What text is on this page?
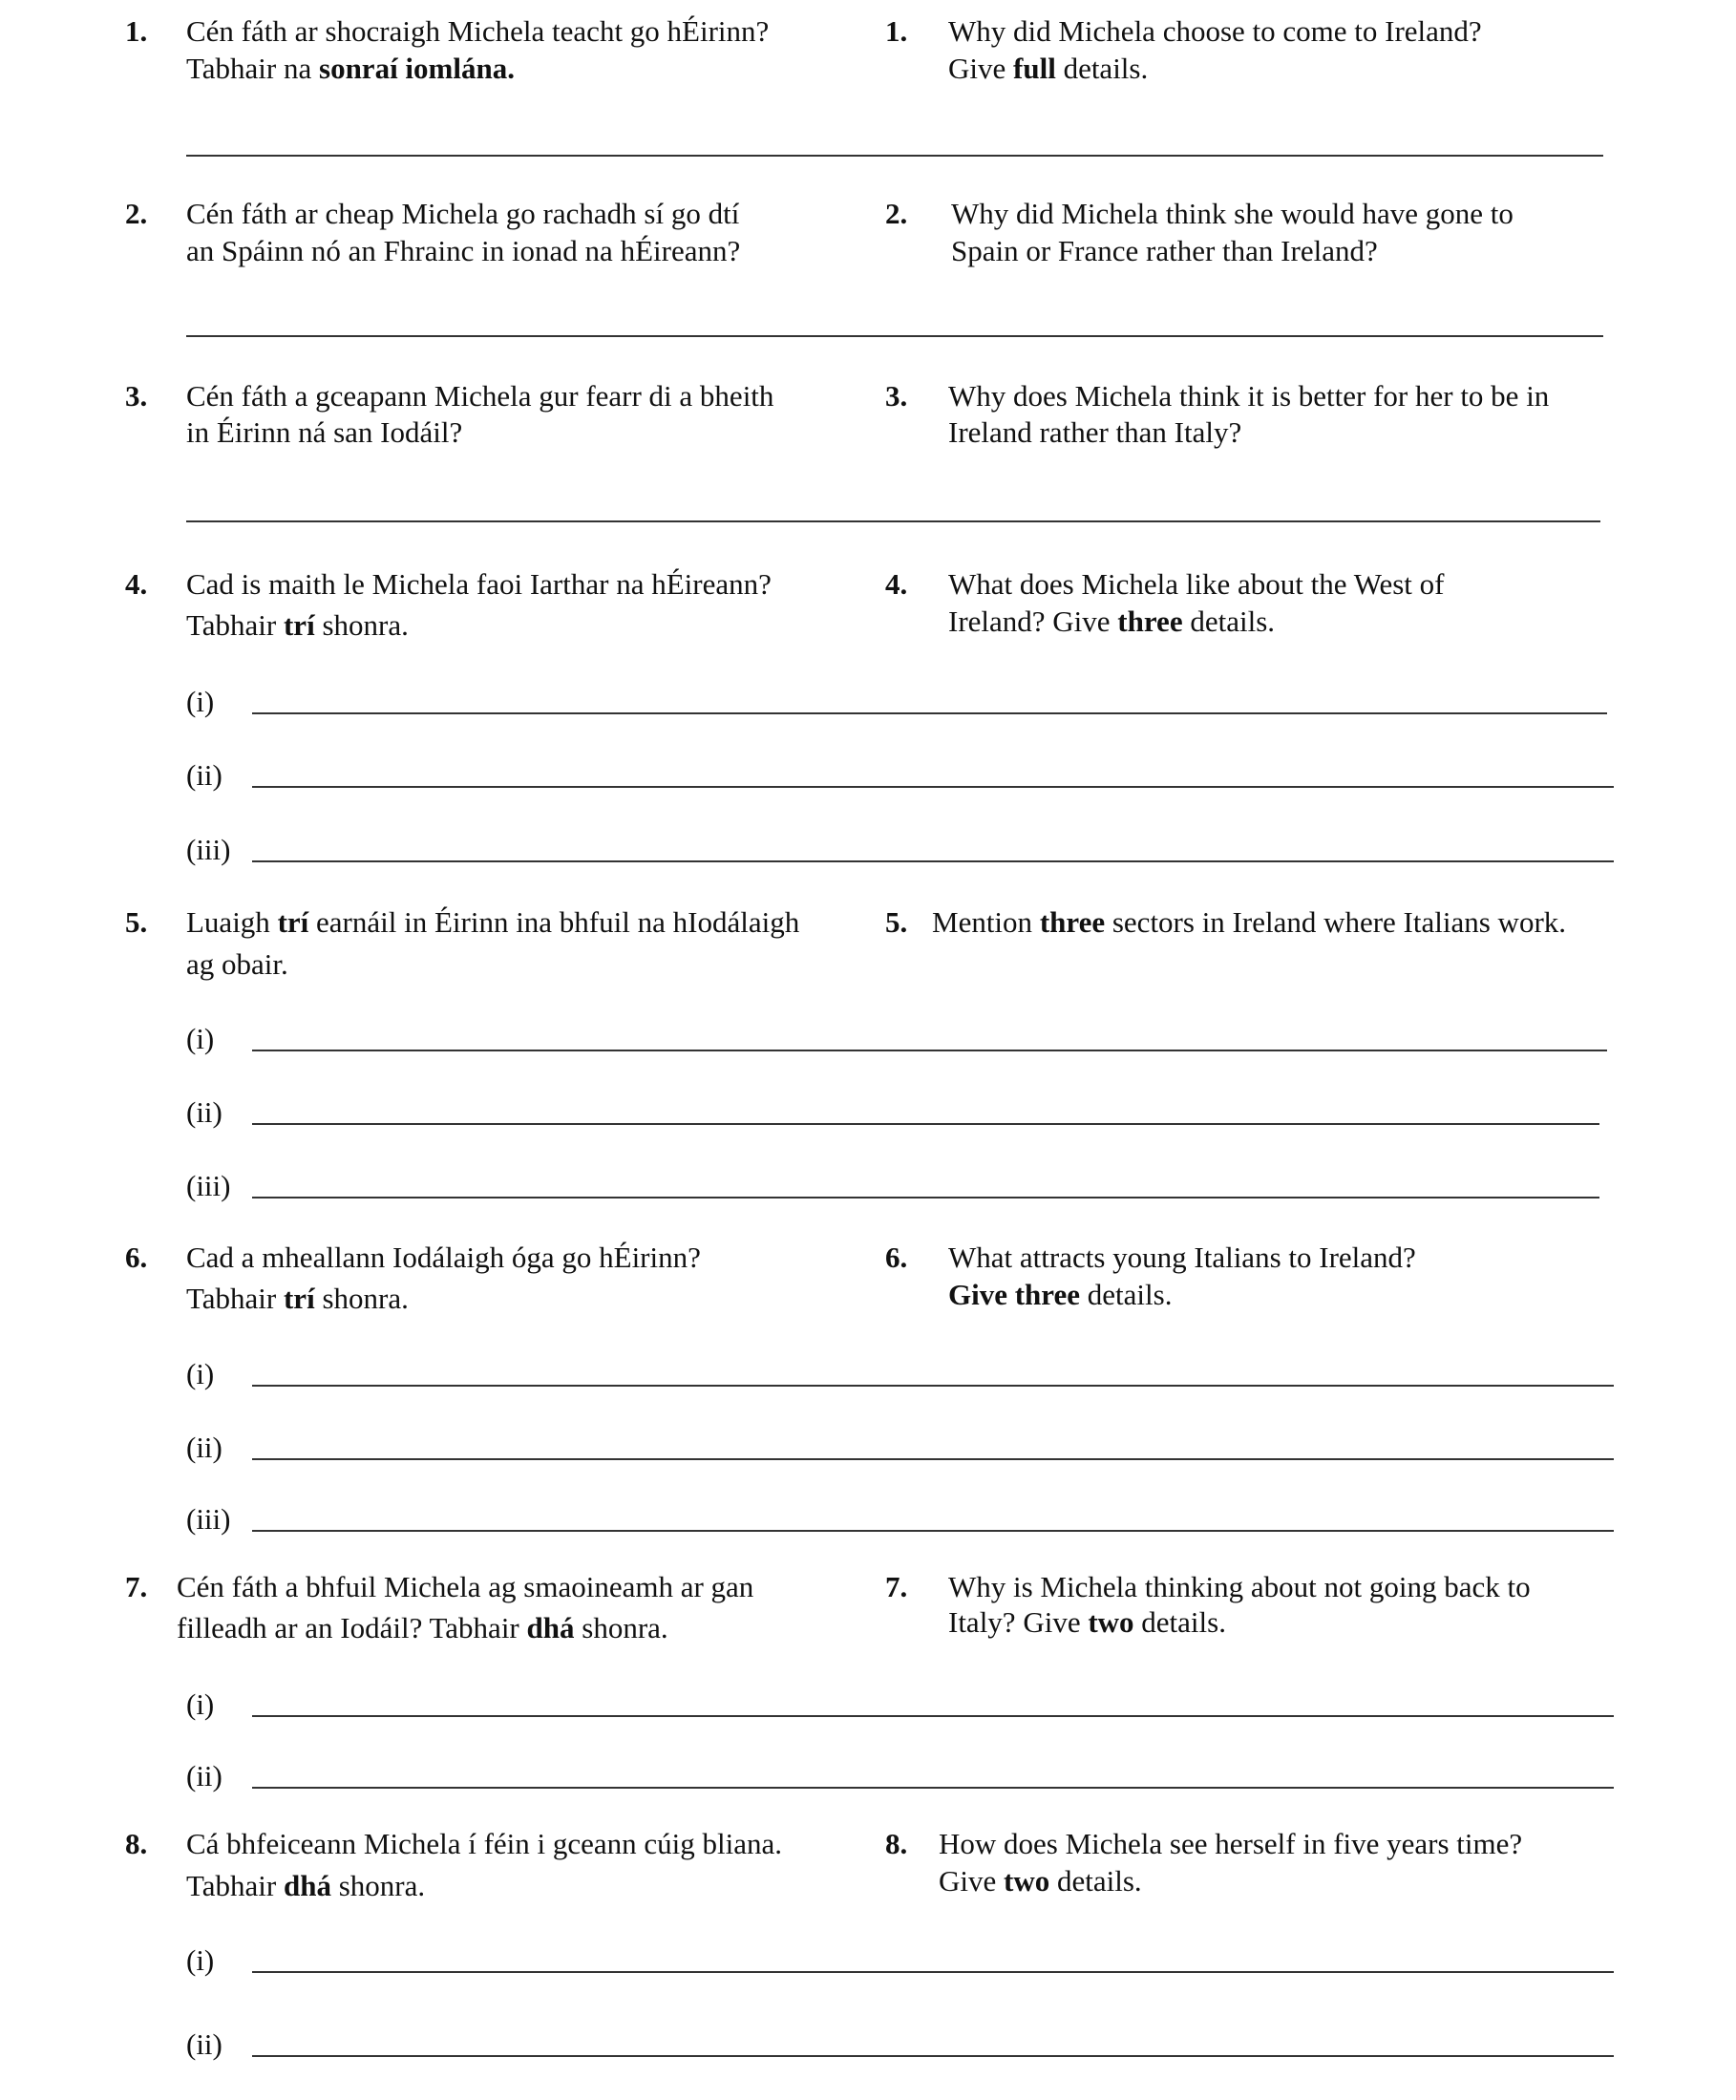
1. Cén fáth ar shocraigh Michela teacht go hÉirinn?
Tabhair na sonraí iomlána.
1. Why did Michela choose to come to Ireland?
Give full details.
2. Cén fáth ar cheap Michela go rachadh sí go dtí
an Spáinn nó an Fhrainc in ionad na hÉireann?
2. Why did Michela think she would have gone to
Spain or France rather than Ireland?
3. Cén fáth a gceapann Michela gur fearr di a bheith
in Éirinn ná san Iodáil?
3. Why does Michela think it is better for her to be in
Ireland rather than Italy?
4. Cad is maith le Michela faoi Iarthar na hÉireann?
Tabhair trí shonra.
4. What does Michela like about the West of
Ireland? Give three details.
(i)
(ii)
(iii)
5. Luaigh trí earnáil in Éirinn ina bhfuil na hIodálaigh
ag obair.
5. Mention three sectors in Ireland where Italians work.
(i)
(ii)
(iii)
6. Cad a mheallann Iodálaigh óga go hÉirinn?
Tabhair trí shonra.
6. What attracts young Italians to Ireland?
Give three details.
(i)
(ii)
(iii)
7. Cén fáth a bhfuil Michela ag smaoineamh ar gan
filleadh ar an Iodáil? Tabhair dhá shonra.
7. Why is Michela thinking about not going back to
Italy? Give two details.
(i)
(ii)
8. Cá bhfeiceann Michela í féin i gceann cúig bliana.
Tabhair dhá shonra.
8. How does Michela see herself in five years time?
Give two details.
(i)
(ii)
